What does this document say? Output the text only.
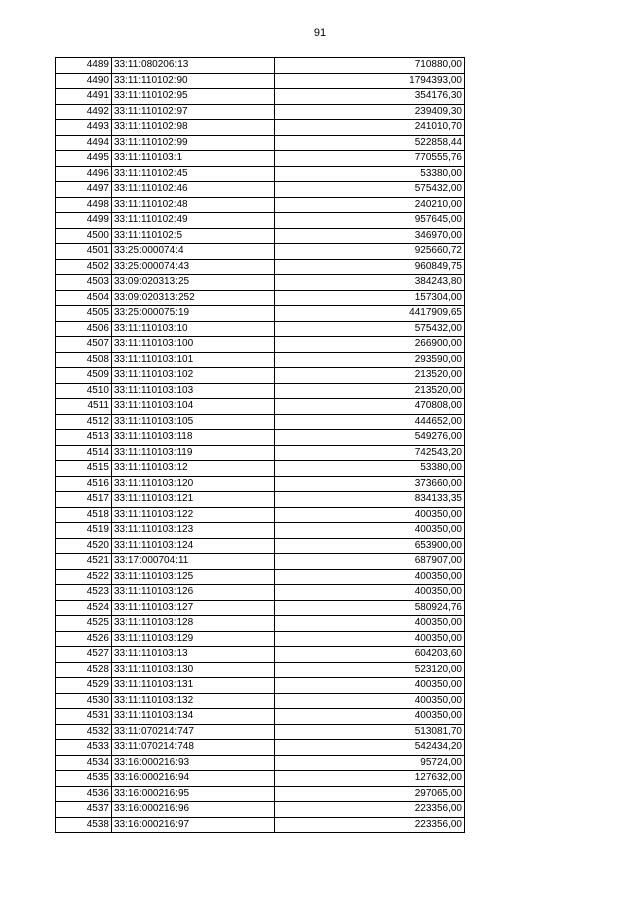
91
4489	33:11:080206:13	710880,00
4490	33:11:110102:90	1794393,00
4491	33:11:110102:95	354176,30
4492	33:11:110102:97	239409,30
4493	33:11:110102:98	241010,70
4494	33:11:110102:99	522858,44
4495	33:11:110103:1	770555,76
4496	33:11:110102:45	53380,00
4497	33:11:110102:46	575432,00
4498	33:11:110102:48	240210,00
4499	33:11:110102:49	957645,00
4500	33:11:110102:5	346970,00
4501	33:25:000074:4	925660,72
4502	33:25:000074:43	960849,75
4503	33:09:020313:25	384243,80
4504	33:09:020313:252	157304,00
4505	33:25:000075:19	4417909,65
4506	33:11:110103:10	575432,00
4507	33:11:110103:100	266900,00
4508	33:11:110103:101	293590,00
4509	33:11:110103:102	213520,00
4510	33:11:110103:103	213520,00
4511	33:11:110103:104	470808,00
4512	33:11:110103:105	444652,00
4513	33:11:110103:118	549276,00
4514	33:11:110103:119	742543,20
4515	33:11:110103:12	53380,00
4516	33:11:110103:120	373660,00
4517	33:11:110103:121	834133,35
4518	33:11:110103:122	400350,00
4519	33:11:110103:123	400350,00
4520	33:11:110103:124	653900,00
4521	33:17:000704:11	687907,00
4522	33:11:110103:125	400350,00
4523	33:11:110103:126	400350,00
4524	33:11:110103:127	580924,76
4525	33:11:110103:128	400350,00
4526	33:11:110103:129	400350,00
4527	33:11:110103:13	604203,60
4528	33:11:110103:130	523120,00
4529	33:11:110103:131	400350,00
4530	33:11:110103:132	400350,00
4531	33:11:110103:134	400350,00
4532	33:11:070214:747	513081,70
4533	33:11:070214:748	542434,20
4534	33:16:000216:93	95724,00
4535	33:16:000216:94	127632,00
4536	33:16:000216:95	297065,00
4537	33:16:000216:96	223356,00
4538	33:16:000216:97	223356,00
